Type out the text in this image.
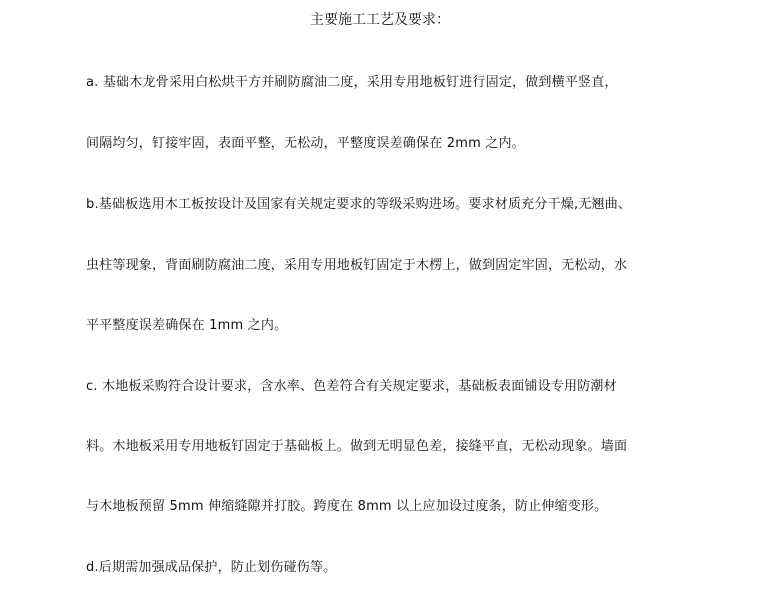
主要施工工艺及要求：
a. 基础木龙骨采用白松烘干方并刷防腐油二度，采用专用地板钉进行固定，做到横平竖直，
间隔均匀，钉接牢固，表面平整，无松动，平整度误差确保在 2mm 之内。
b.基础板选用木工板按设计及国家有关规定要求的等级采购进场。要求材质充分干燥,无翘曲、
虫柱等现象，背面刷防腐油二度，采用专用地板钉固定于木楞上，做到固定牢固，无松动，水
平平整度误差确保在 1mm 之内。
c. 木地板采购符合设计要求，含水率、色差符合有关规定要求，基础板表面铺设专用防潮材
料。木地板采用专用地板钉固定于基础板上。做到无明显色差，接缝平直，无松动现象。墙面
与木地板预留 5mm 伸缩缝隙并打胶。跨度在 8mm 以上应加设过度条，防止伸缩变形。
d.后期需加强成品保护，防止划伤碰伤等。
